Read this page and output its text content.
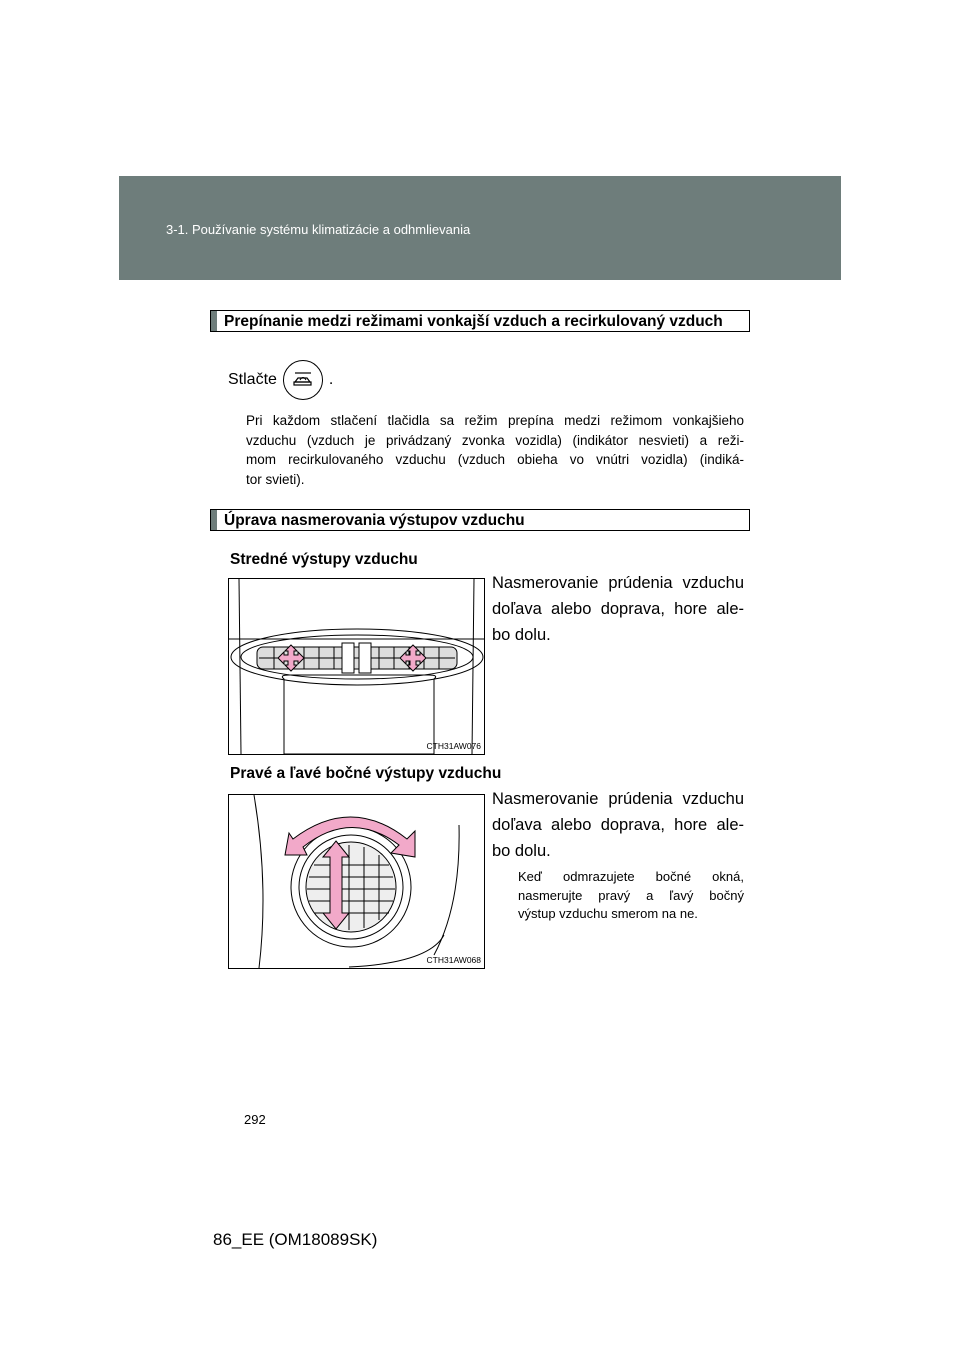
3-1. Používanie systému klimatizácie a odhmlievania
Prepínanie medzi režimami vonkajší vzduch a recirkulovaný vzduch
Stlačte	.
Pri každom stlačení tlačidla sa režim prepína medzi režimom vonkajšieho
vzduchu (vzduch je privádzaný zvonka vozidla) (indikátor nesvieti) a reži-
mom recirkulovaného vzduchu (vzduch obieha vo vnútri vozidla) (indiká-
tor svieti).
Úprava nasmerovania výstupov vzduchu
Stredné výstupy vzduchu
Nasmerovanie prúdenia vzduchu
doľava alebo doprava, hore ale-
bo dolu.
CTH31AW076
Pravé a ľavé bočné výstupy vzduchu
Nasmerovanie prúdenia vzduchu
doľava alebo doprava, hore ale-
bo dolu.
Keď odmrazujete bočné okná,
nasmerujte pravý a ľavý bočný
výstup vzduchu smerom na ne.
CTH31AW068
292
86_EE (OM18089SK)
